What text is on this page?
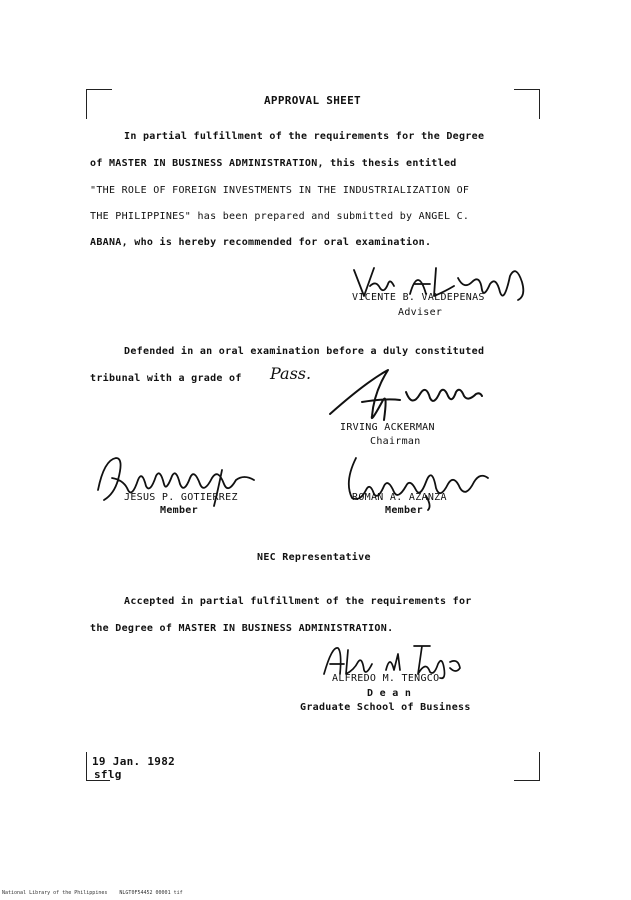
APPROVAL SHEET
In partial fulfillment of the requirements for the Degree
of MASTER IN BUSINESS ADMINISTRATION, this thesis entitled
"THE ROLE OF FOREIGN INVESTMENTS IN THE INDUSTRIALIZATION OF
THE PHILIPPINES" has been prepared and submitted by ANGEL C.
ABANA, who is hereby recommended for oral examination.
VICENTE B. VALDEPENAS
Adviser
Defended in an oral examination before a duly constituted
tribunal with a grade of Pass.
IRVING ACKERMAN
Chairman
JESUS P. GOTIERREZ
Member
ROMAN A. AZANZA
Member
NEC Representative
Accepted in partial fulfillment of the requirements for
the Degree of MASTER IN BUSINESS ADMINISTRATION.
ALFREDO M. TENGCO
D e a n
Graduate School of Business
19 Jan. 1982
sflg
National Library of the Philippines    NLGT0F54452 00001 tif
